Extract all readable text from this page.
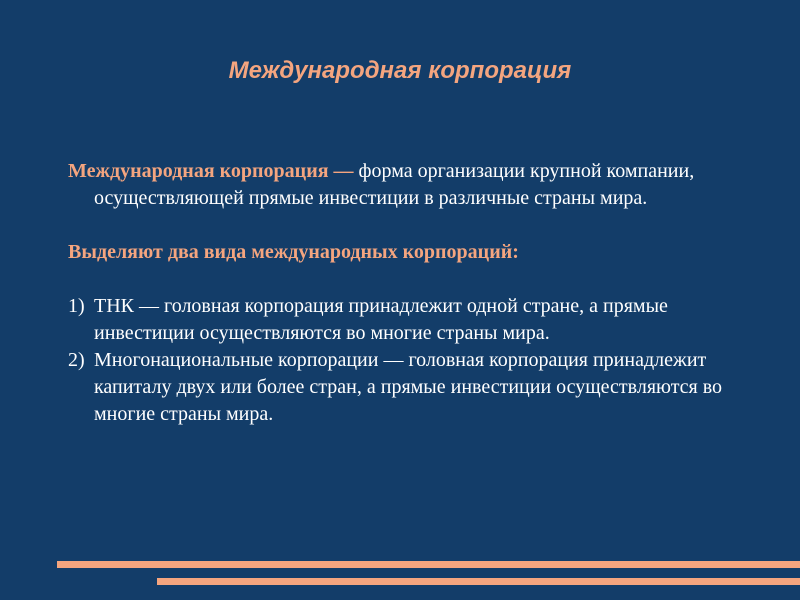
Международная корпорация

Международная корпорация — форма организации крупной компании, осуществляющей прямые инвестиции в различные страны мира.

Выделяют два вида международных корпораций:

1)ТНК — головная корпорация принадлежит одной стране, а прямые инвестиции осуществляются во многие страны мира.

2) Многонациональные корпорации — головная корпорация принадлежит капиталу двух или более стран, а прямые инвестиции осуществляются во многие страны мира.
